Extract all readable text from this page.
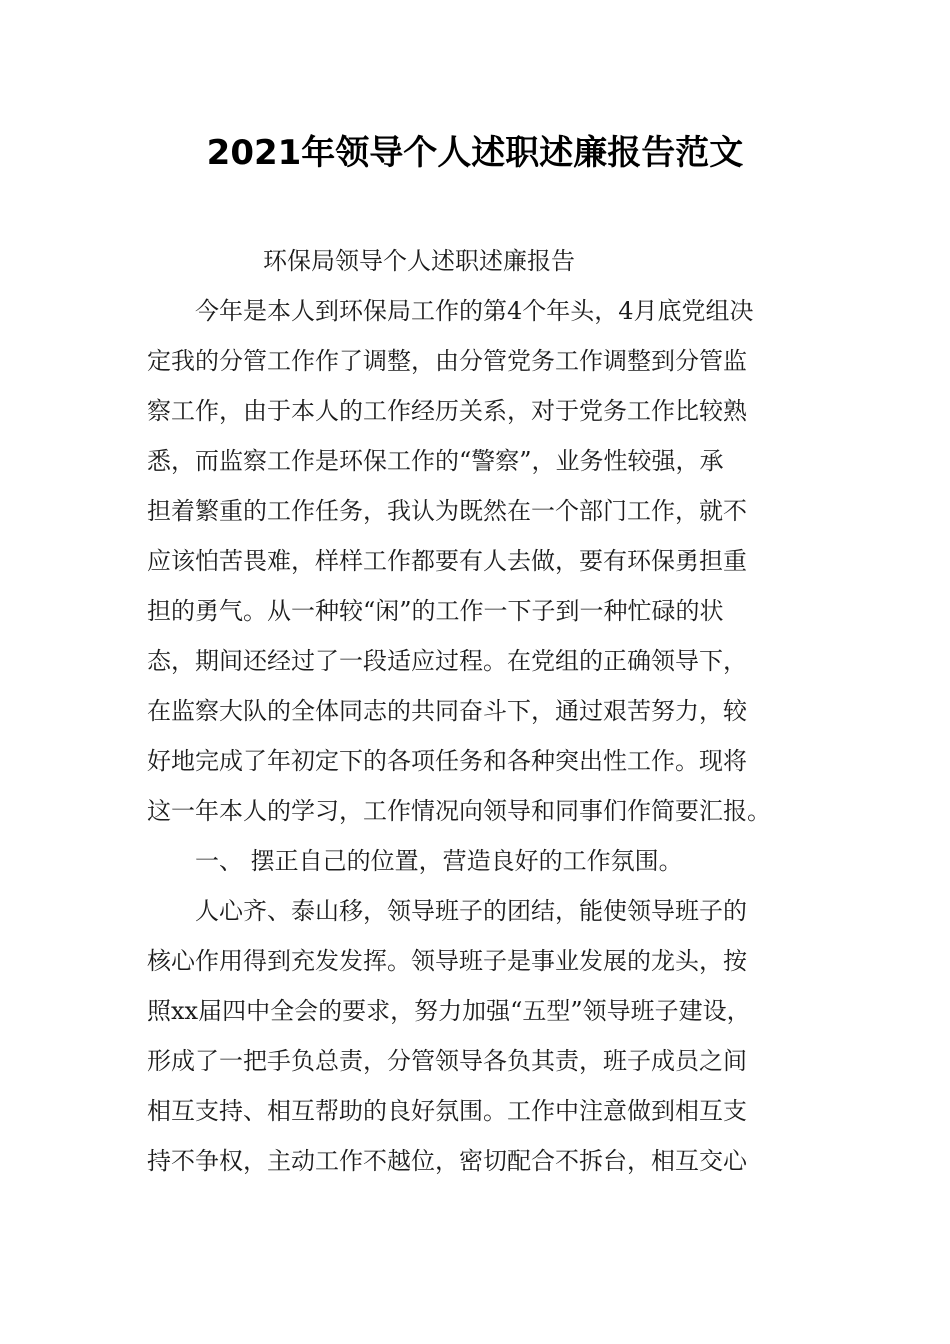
2021年领导个人述职述廉报告范文
环保局领导个人述职述廉报告
今年是本人到环保局工作的第4个年头，4月底党组决
定我的分管工作作了调整，由分管党务工作调整到分管监
察工作，由于本人的工作经历关系，对于党务工作比较熟
悉，而监察工作是环保工作的“警察”，业务性较强，承
担着繁重的工作任务，我认为既然在一个部门工作，就不
应该怕苦畏难，样样工作都要有人去做，要有环保勇担重
担的勇气。从一种较“闲”的工作一下子到一种忙碌的状
态，期间还经过了一段适应过程。在党组的正确领导下，
在监察大队的全体同志的共同奋斗下，通过艰苦努力，较
好地完成了年初定下的各项任务和各种突出性工作。现将
这一年本人的学习，工作情况向领导和同事们作简要汇报。
一、 摆正自己的位置，营造良好的工作氛围。
人心齐、泰山移，领导班子的团结，能使领导班子的
核心作用得到充发发挥。领导班子是事业发展的龙头，按
照xx届四中全会的要求，努力加强“五型”领导班子建设，
形成了一把手负总责，分管领导各负其责，班子成员之间
相互支持、相互帮助的良好氛围。工作中注意做到相互支
持不争权，主动工作不越位，密切配合不拆台，相互交心
